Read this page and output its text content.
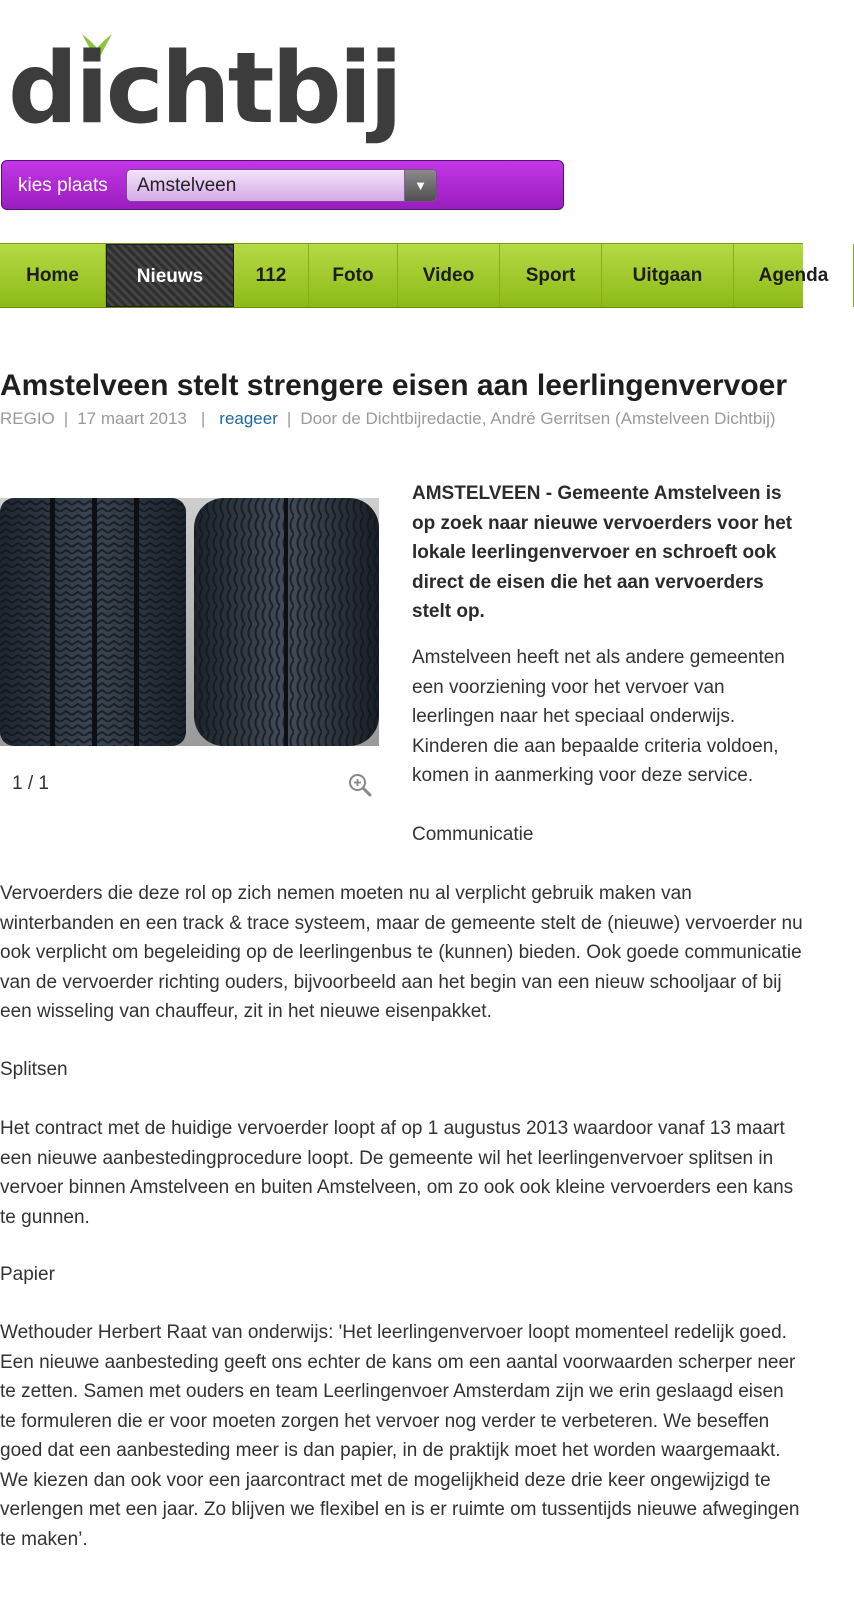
dichtbij
kies plaats Amstelveen	▼
Home	Nieuws	112	Foto	Video	Sport	Uitgaan	Agenda
Amstelveen stelt strengere eisen aan leerlingenvervoer
REGIO | 17 maart 2013 | reageer | Door de Dichtbijredactie, André Gerritsen (Amstelveen Dichtbij)
1 / 1

AMSTELVEEN - Gemeente Amstelveen is op zoek naar nieuwe vervoerders voor het lokale leerlingenvervoer en schroeft ook direct de eisen die het aan vervoerders stelt op.

Amstelveen heeft net als andere gemeenten een voorziening voor het vervoer van leerlingen naar het speciaal onderwijs. Kinderen die aan bepaalde criteria voldoen, komen in aanmerking voor deze service.

Communicatie

Vervoerders die deze rol op zich nemen moeten nu al verplicht gebruik maken van winterbanden en een track & trace systeem, maar de gemeente stelt de (nieuwe) vervoerder nu ook verplicht om begeleiding op de leerlingenbus te (kunnen) bieden. Ook goede communicatie van de vervoerder richting ouders, bijvoorbeeld aan het begin van een nieuw schooljaar of bij een wisseling van chauffeur, zit in het nieuwe eisenpakket.

Splitsen

Het contract met de huidige vervoerder loopt af op 1 augustus 2013 waardoor vanaf 13 maart een nieuwe aanbestedingprocedure loopt. De gemeente wil het leerlingenvervoer splitsen in vervoer binnen Amstelveen en buiten Amstelveen, om zo ook ook kleine vervoerders een kans te gunnen.

Papier

Wethouder Herbert Raat van onderwijs: 'Het leerlingenvervoer loopt momenteel redelijk goed. Een nieuwe aanbesteding geeft ons echter de kans om een aantal voorwaarden scherper neer te zetten. Samen met ouders en team Leerlingenvoer Amsterdam zijn we erin geslaagd eisen te formuleren die er voor moeten zorgen het vervoer nog verder te verbeteren. We beseffen goed dat een aanbesteding meer is dan papier, in de praktijk moet het worden waargemaakt. We kiezen dan ook voor een jaarcontract met de mogelijkheid deze drie keer ongewijzigd te verlengen met een jaar. Zo blijven we flexibel en is er ruimte om tussentijds nieuwe afwegingen te maken’.
